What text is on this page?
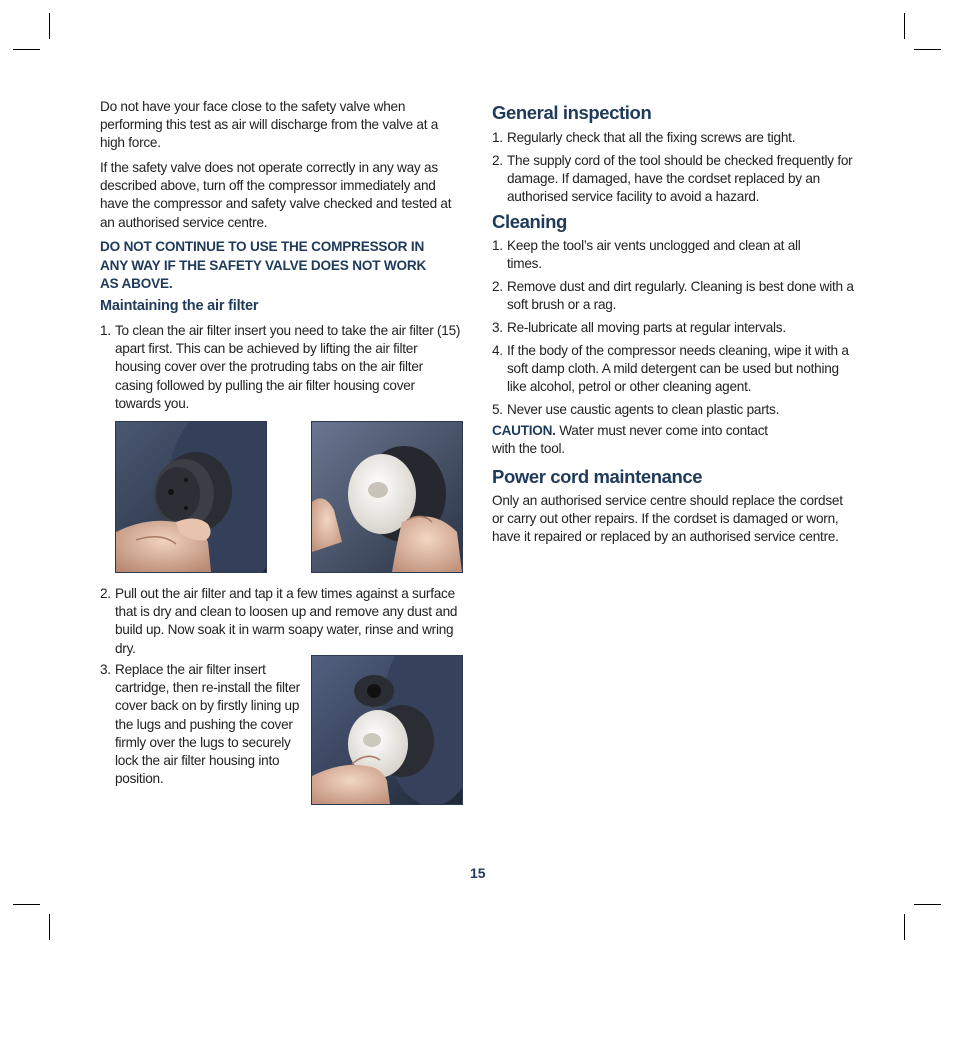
Do not have your face close to the safety valve when performing this test as air will discharge from the valve at a high force.

If the safety valve does not operate correctly in any way as described above, turn off the compressor immediately and have the compressor and safety valve checked and tested at an authorised service centre.

DO NOT CONTINUE TO USE THE COMPRESSOR IN ANY WAY IF THE SAFETY VALVE DOES NOT WORK AS ABOVE.
Maintaining the air filter
1. To clean the air filter insert you need to take the air filter (15) apart first. This can be achieved by lifting the air filter housing cover over the protruding tabs on the air filter casing followed by pulling the air filter housing cover towards you.
2. Pull out the air filter and tap it a few times against a surface that is dry and clean to loosen up and remove any dust and build up. Now soak it in warm soapy water, rinse and wring dry.
3. Replace the air filter insert cartridge, then re-install the filter cover back on by firstly lining up the lugs and pushing the cover firmly over the lugs to securely lock the air filter housing into position.
General inspection
1. Regularly check that all the fixing screws are tight.
2. The supply cord of the tool should be checked frequently for damage. If damaged, have the cordset replaced by an authorised service facility to avoid a hazard.
Cleaning
1. Keep the tool’s air vents unclogged and clean at all times.
2. Remove dust and dirt regularly. Cleaning is best done with a soft brush or a rag.
3. Re-lubricate all moving parts at regular intervals.
4. If the body of the compressor needs cleaning, wipe it with a soft damp cloth. A mild detergent can be used but nothing like alcohol, petrol or other cleaning agent.
5. Never use caustic agents to clean plastic parts.
CAUTION. Water must never come into contact with the tool.
Power cord maintenance
Only an authorised service centre should replace the cordset or carry out other repairs. If the cordset is damaged or worn, have it repaired or replaced by an authorised service centre.
15
